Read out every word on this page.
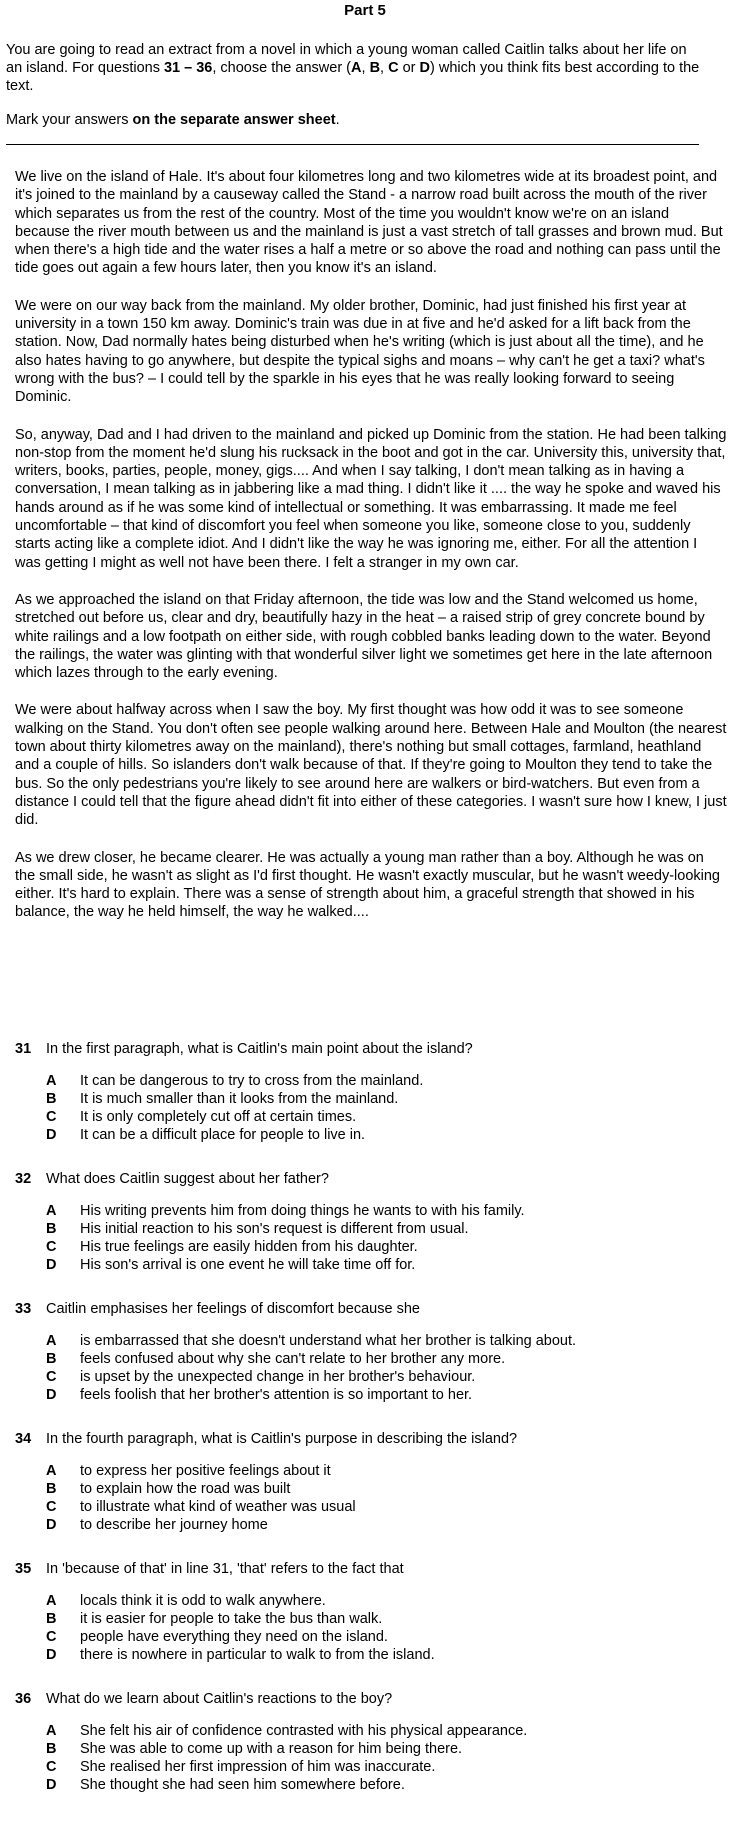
Part 5
You are going to read an extract from a novel in which a young woman called Caitlin talks about her life on an island. For questions 31 – 36, choose the answer (A, B, C or D) which you think fits best according to the text.
Mark your answers on the separate answer sheet.

We live on the island of Hale. It's about four kilometres long and two kilometres wide at its broadest point, and it's joined to the mainland by a causeway called the Stand - a narrow road built across the mouth of the river which separates us from the rest of the country. Most of the time you wouldn't know we're on an island because the river mouth between us and the mainland is just a vast stretch of tall grasses and brown mud. But when there's a high tide and the water rises a half a metre or so above the road and nothing can pass until the tide goes out again a few hours later, then you know it's an island.

We were on our way back from the mainland. My older brother, Dominic, had just finished his first year at university in a town 150 km away. Dominic's train was due in at five and he'd asked for a lift back from the station. Now, Dad normally hates being disturbed when he's writing (which is just about all the time), and he also hates having to go anywhere, but despite the typical sighs and moans – why can't he get a taxi? what's wrong with the bus? – I could tell by the sparkle in his eyes that he was really looking forward to seeing Dominic.

So, anyway, Dad and I had driven to the mainland and picked up Dominic from the station. He had been talking non-stop from the moment he'd slung his rucksack in the boot and got in the car. University this, university that, writers, books, parties, people, money, gigs.... And when I say talking, I don't mean talking as in having a conversation, I mean talking as in jabbering like a mad thing. I didn't like it .... the way he spoke and waved his hands around as if he was some kind of intellectual or something. It was embarrassing. It made me feel uncomfortable – that kind of discomfort you feel when someone you like, someone close to you, suddenly starts acting like a complete idiot. And I didn't like the way he was ignoring me, either. For all the attention I was getting I might as well not have been there. I felt a stranger in my own car.

As we approached the island on that Friday afternoon, the tide was low and the Stand welcomed us home, stretched out before us, clear and dry, beautifully hazy in the heat – a raised strip of grey concrete bound by white railings and a low footpath on either side, with rough cobbled banks leading down to the water. Beyond the railings, the water was glinting with that wonderful silver light we sometimes get here in the late afternoon which lazes through to the early evening.

We were about halfway across when I saw the boy. My first thought was how odd it was to see someone walking on the Stand. You don't often see people walking around here. Between Hale and Moulton (the nearest town about thirty kilometres away on the mainland), there's nothing but small cottages, farmland, heathland and a couple of hills. So islanders don't walk because of that. If they're going to Moulton they tend to take the bus. So the only pedestrians you're likely to see around here are walkers or bird-watchers. But even from a distance I could tell that the figure ahead didn't fit into either of these categories. I wasn't sure how I knew, I just did.

As we drew closer, he became clearer. He was actually a young man rather than a boy. Although he was on the small side, he wasn't as slight as I'd first thought. He wasn't exactly muscular, but he wasn't weedy-looking either. It's hard to explain. There was a sense of strength about him, a graceful strength that showed in his balance, the way he held himself, the way he walked....

31	In the first paragraph, what is Caitlin's main point about the island?
A	It can be dangerous to try to cross from the mainland.
B	It is much smaller than it looks from the mainland.
C	It is only completely cut off at certain times.
D	It can be a difficult place for people to live in.
32	What does Caitlin suggest about her father?
A	His writing prevents him from doing things he wants to with his family.
B	His initial reaction to his son's request is different from usual.
C	His true feelings are easily hidden from his daughter.
D	His son's arrival is one event he will take time off for.
33	Caitlin emphasises her feelings of discomfort because she
A	is embarrassed that she doesn't understand what her brother is talking about.
B	feels confused about why she can't relate to her brother any more.
C	is upset by the unexpected change in her brother's behaviour.
D	feels foolish that her brother's attention is so important to her.
34	In the fourth paragraph, what is Caitlin's purpose in describing the island?
A	to express her positive feelings about it
B	to explain how the road was built
C	to illustrate what kind of weather was usual
D	to describe her journey home
35	In 'because of that' in line 31, 'that' refers to the fact that
A	locals think it is odd to walk anywhere.
B	it is easier for people to take the bus than walk.
C	people have everything they need on the island.
D	there is nowhere in particular to walk to from the island.
36	What do we learn about Caitlin's reactions to the boy?
A	She felt his air of confidence contrasted with his physical appearance.
B	She was able to come up with a reason for him being there.
C	She realised her first impression of him was inaccurate.
D	She thought she had seen him somewhere before.
